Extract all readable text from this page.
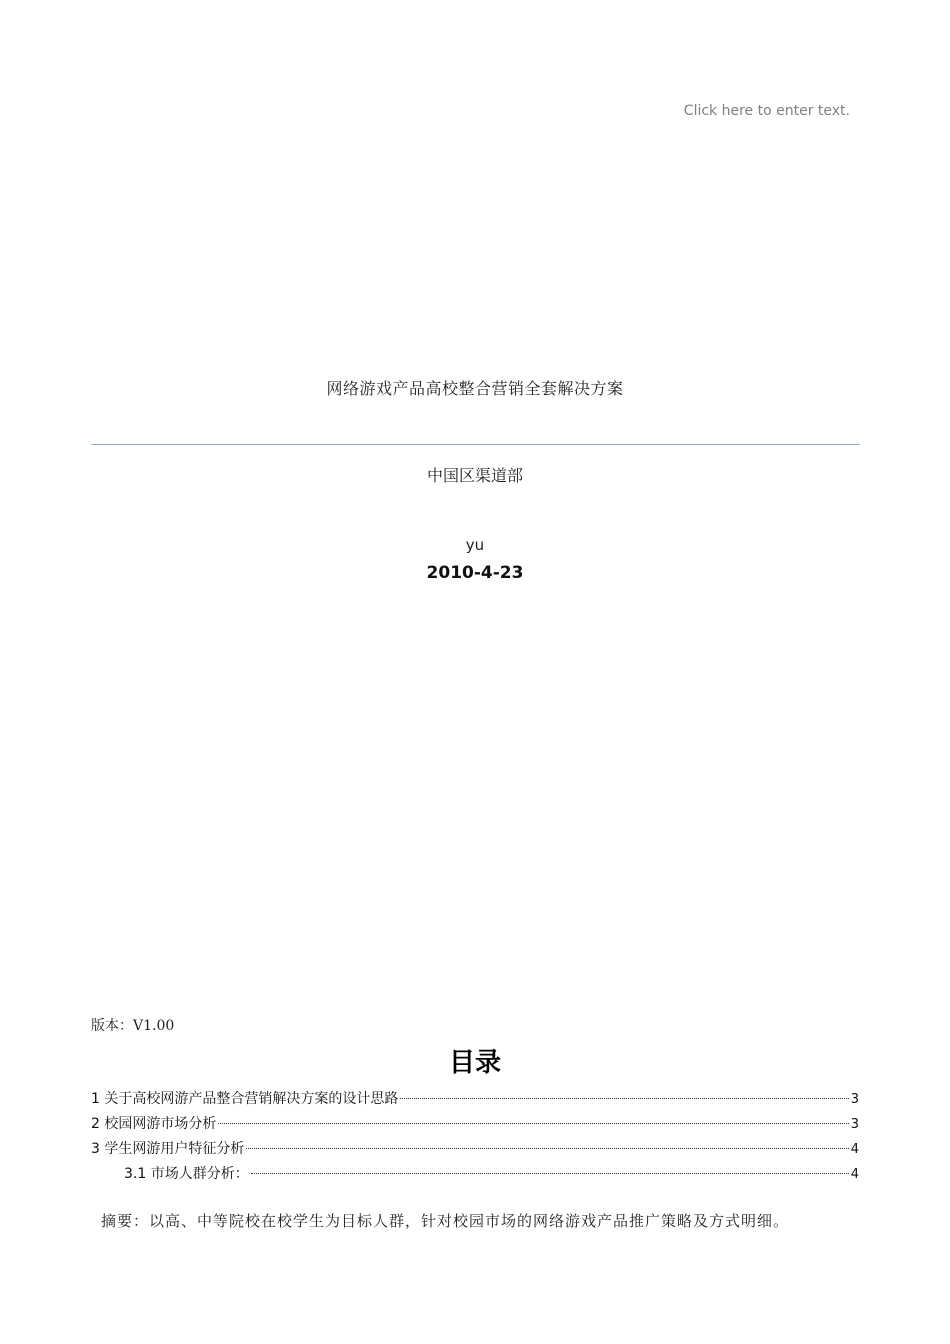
Click here to enter text.
网络游戏产品高校整合营销全套解决方案
中国区渠道部
yu
2010-4-23
版本：V1.00
目录
1 关于高校网游产品整合营销解决方案的设计思路	3
2 校园网游市场分析	3
3 学生网游用户特征分析	4
3.1 市场人群分析：	4
摘要：以高、中等院校在校学生为目标人群，针对校园市场的网络游戏产品推广策略及方式明细。
